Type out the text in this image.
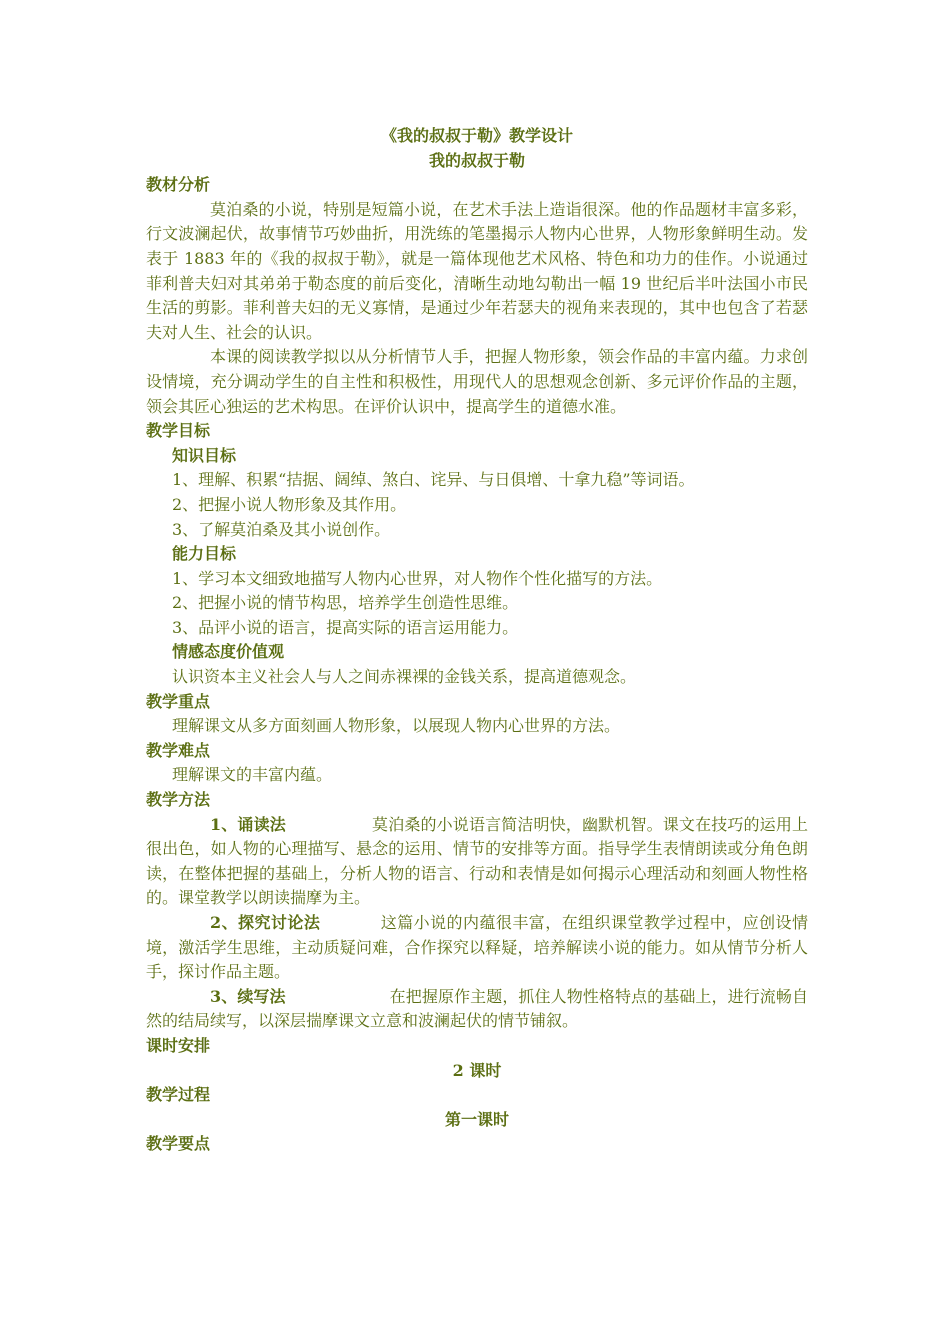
《我的叔叔于勒》教学设计
我的叔叔于勒
教材分析
莫泊桑的小说，特别是短篇小说，在艺术手法上造诣很深。他的作品题材丰富多彩，行文波澜起伏，故事情节巧妙曲折，用洗练的笔墨揭示人物内心世界，人物形象鲜明生动。发表于 1883 年的《我的叔叔于勒》，就是一篇体现他艺术风格、特色和功力的佳作。小说通过菲利普夫妇对其弟弟于勒态度的前后变化，清晰生动地勾勒出一幅 19 世纪后半叶法国小市民生活的剪影。菲利普夫妇的无义寡情，是通过少年若瑟夫的视角来表现的，其中也包含了若瑟夫对人生、社会的认识。
本课的阅读教学拟以从分析情节人手，把握人物形象，领会作品的丰富内蕴。力求创设情境，充分调动学生的自主性和积极性，用现代人的思想观念创新、多元评价作品的主题，领会其匠心独运的艺术构思。在评价认识中，提高学生的道德水准。
教学目标
知识目标
1、理解、积累“拮据、阔绰、煞白、诧异、与日俱增、十拿九稳”等词语。
2、把握小说人物形象及其作用。
3、了解莫泊桑及其小说创作。
能力目标
1、学习本文细致地描写人物内心世界，对人物作个性化描写的方法。
2、把握小说的情节构思，培养学生创造性思维。
3、品评小说的语言，提高实际的语言运用能力。
情感态度价值观
认识资本主义社会人与人之间赤裸裸的金钱关系，提高道德观念。
教学重点
理解课文从多方面刻画人物形象，以展现人物内心世界的方法。
教学难点
理解课文的丰富内蕴。
教学方法
1、诵读法	莫泊桑的小说语言简洁明快，幽默机智。课文在技巧的运用上很出色，如人物的心理描写、悬念的运用、情节的安排等方面。指导学生表情朗读或分角色朗读，在整体把握的基础上，分析人物的语言、行动和表情是如何揭示心理活动和刻画人物性格的。课堂教学以朗读揣摩为主。
2、探究讨论法	这篇小说的内蕴很丰富，在组织课堂教学过程中，应创设情境，激活学生思维，主动质疑问难，合作探究以释疑，培养解读小说的能力。如从情节分析人手，探讨作品主题。
3、续写法	在把握原作主题，抓住人物性格特点的基础上，进行流畅自然的结局续写，以深层揣摩课文立意和波澜起伏的情节铺叙。
课时安排
2 课时
教学过程
第一课时
教学要点
